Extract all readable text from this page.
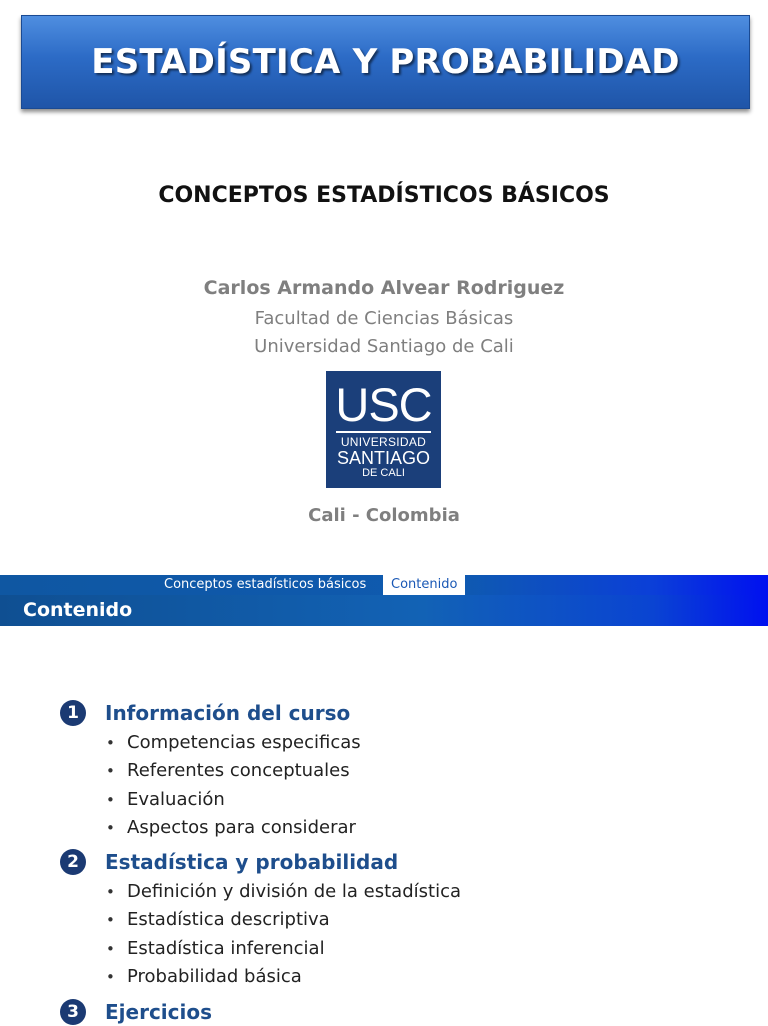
ESTADÍSTICA Y PROBABILIDAD
CONCEPTOS ESTADÍSTICOS BÁSICOS
Carlos Armando Alvear Rodriguez
Facultad de Ciencias Básicas
Universidad Santiago de Cali
USC
UNIVERSIDAD
SANTIAGO
DE CALI
Cali - Colombia
Conceptos estadísticos básicos	Contenido
Contenido
1	Información del curso
• Competencias especificas
• Referentes conceptuales
• Evaluación
• Aspectos para considerar
2	Estadística y probabilidad
• Definición y división de la estadística
• Estadística descriptiva
• Estadística inferencial
• Probabilidad básica
3	Ejercicios
